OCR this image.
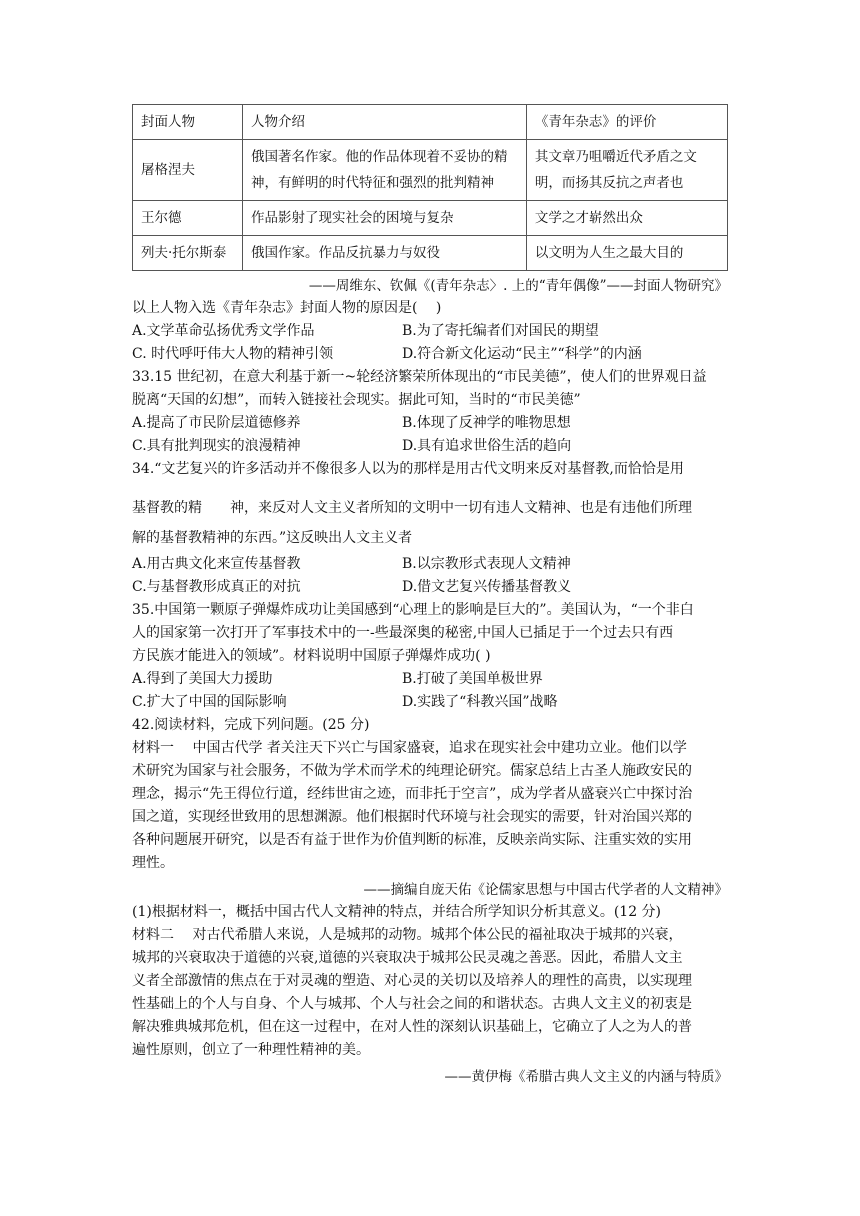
封面人物	人物介绍	《青年杂志》的评价
屠格涅夫	俄国著名作家。他的作品体现着不妥协的精神，有鲜明的时代特征和强烈的批判精神	其文章乃咀嚼近代矛盾之文明，而扬其反抗之声者也
王尔德	作品影射了现实社会的困境与复杂	文学之才崭然出众
列夫·托尔斯泰	俄国作家。作品反抗暴力与奴役	以文明为人生之最大目的
——周维东、钦佩《(青年杂志〉. 上的“青年偶像”——封面人物研究》

以上人物入选《青年杂志》封面人物的原因是(　 )

A.文学革命弘扬优秀文学作品	B.为了寄托编者们对国民的期望
C. 时代呼吁伟大人物的精神引领	D.符合新文化运动“民主”“科学”的内涵

33.15 世纪初，在意大利基于新一~轮经济繁荣所体现出的“市民美德”，使人们的世界观日益

脱离“天国的幻想”，而转入链接社会现实。据此可知，当时的“市民美德”

A.提高了市民阶层道德修养	B.体现了反神学的唯物思想
C.具有批判现实的浪漫精神	D.具有追求世俗生活的趋向

34.“文艺复兴的许多活动并不像很多人以为的那样是用古代文明来反对基督教,而恰恰是用

基督教的精　　神，来反对人文主义者所知的文明中一切有违人文精神、也是有违他们所理

解的基督教精神的东西。”这反映出人文主义者

A.用古典文化来宣传基督教	B.以宗教形式表现人文精神
C.与基督教形成真正的对抗	D.借文艺复兴传播基督教义

35.中国第一颗原子弹爆炸成功让美国感到“心理上的影响是巨大的”。美国认为，“一个非白

人的国家第一次打开了军事技术中的一-些最深奥的秘密,中国人已插足于一个过去只有西

方民族才能进入的领域”。材料说明中国原子弹爆炸成功( )

A.得到了美国大力援助	B.打破了美国单极世界
C.扩大了中国的国际影响	D.实践了“科教兴国”战略

42.阅读材料，完成下列问题。(25 分)

材料一　 中国古代学 者关注天下兴亡与国家盛衰，追求在现实社会中建功立业。他们以学

术研究为国家与社会服务，不做为学术而学术的纯理论研究。儒家总结上古圣人施政安民的

理念，揭示“先王得位行道，经纬世宙之迹，而非托于空言”，成为学者从盛衰兴亡中探讨治

国之道，实现经世致用的思想渊源。他们根据时代环境与社会现实的需要，针对治国兴郑的

各种问题展开研究，以是否有益于世作为价值判断的标准，反映亲尚实际、注重实效的实用

理性。

——摘编自庞天佑《论儒家思想与中国古代学者的人文精神》

(1)根据材料一，概括中国古代人文精神的特点，并结合所学知识分析其意义。(12 分)

材料二　 对古代希腊人来说，人是城邦的动物。城邦个体公民的福祉取决于城邦的兴衰，

城邦的兴衰取决于道德的兴衰,道德的兴衰取决于城邦公民灵魂之善恶。因此，希腊人文主

义者全部激情的焦点在于对灵魂的塑造、对心灵的关切以及培养人的理性的高贵，以实现理

性基础上的个人与自身、个人与城邦、个人与社会之间的和谐状态。古典人文主义的初衷是

解决雅典城邦危机，但在这一过程中，在对人性的深刻认识基础上，它确立了人之为人的普

遍性原则，创立了一种理性精神的美。

——黄伊梅《希腊古典人文主义的内涵与特质》
